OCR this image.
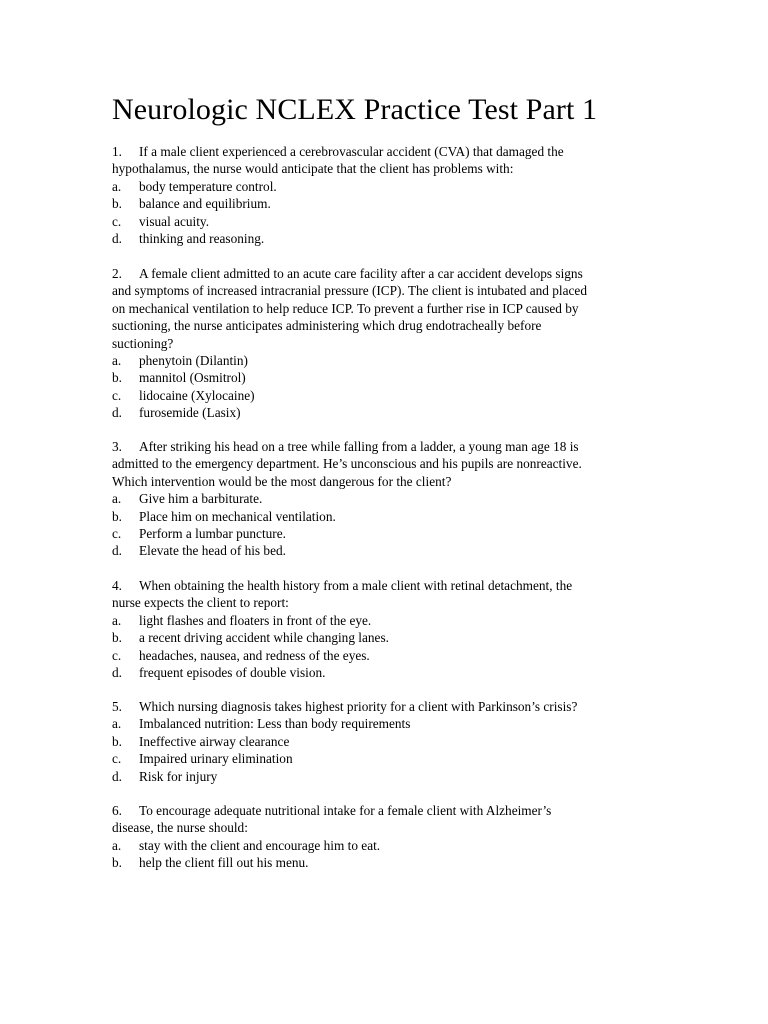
Neurologic NCLEX Practice Test Part 1
1. If a male client experienced a cerebrovascular accident (CVA) that damaged the
hypothalamus, the nurse would anticipate that the client has problems with:
a.	body temperature control.
b.	balance and equilibrium.
c.	visual acuity.
d.	thinking and reasoning.
2. A female client admitted to an acute care facility after a car accident develops signs
and symptoms of increased intracranial pressure (ICP). The client is intubated and placed
on mechanical ventilation to help reduce ICP. To prevent a further rise in ICP caused by
suctioning, the nurse anticipates administering which drug endotracheally before
suctioning?
a.	phenytoin (Dilantin)
b.	mannitol (Osmitrol)
c.	lidocaine (Xylocaine)
d.	furosemide (Lasix)
3. After striking his head on a tree while falling from a ladder, a young man age 18 is
admitted to the emergency department. He’s unconscious and his pupils are nonreactive.
Which intervention would be the most dangerous for the client?
a.	Give him a barbiturate.
b.	Place him on mechanical ventilation.
c.	Perform a lumbar puncture.
d.	Elevate the head of his bed.
4. When obtaining the health history from a male client with retinal detachment, the
nurse expects the client to report:
a.	light flashes and floaters in front of the eye.
b.	a recent driving accident while changing lanes.
c.	headaches, nausea, and redness of the eyes.
d.	frequent episodes of double vision.
5. Which nursing diagnosis takes highest priority for a client with Parkinson’s crisis?
a.	Imbalanced nutrition: Less than body requirements
b.	Ineffective airway clearance
c.	Impaired urinary elimination
d.	Risk for injury
6. To encourage adequate nutritional intake for a female client with Alzheimer’s
disease, the nurse should:
a.	stay with the client and encourage him to eat.
b.	help the client fill out his menu.
